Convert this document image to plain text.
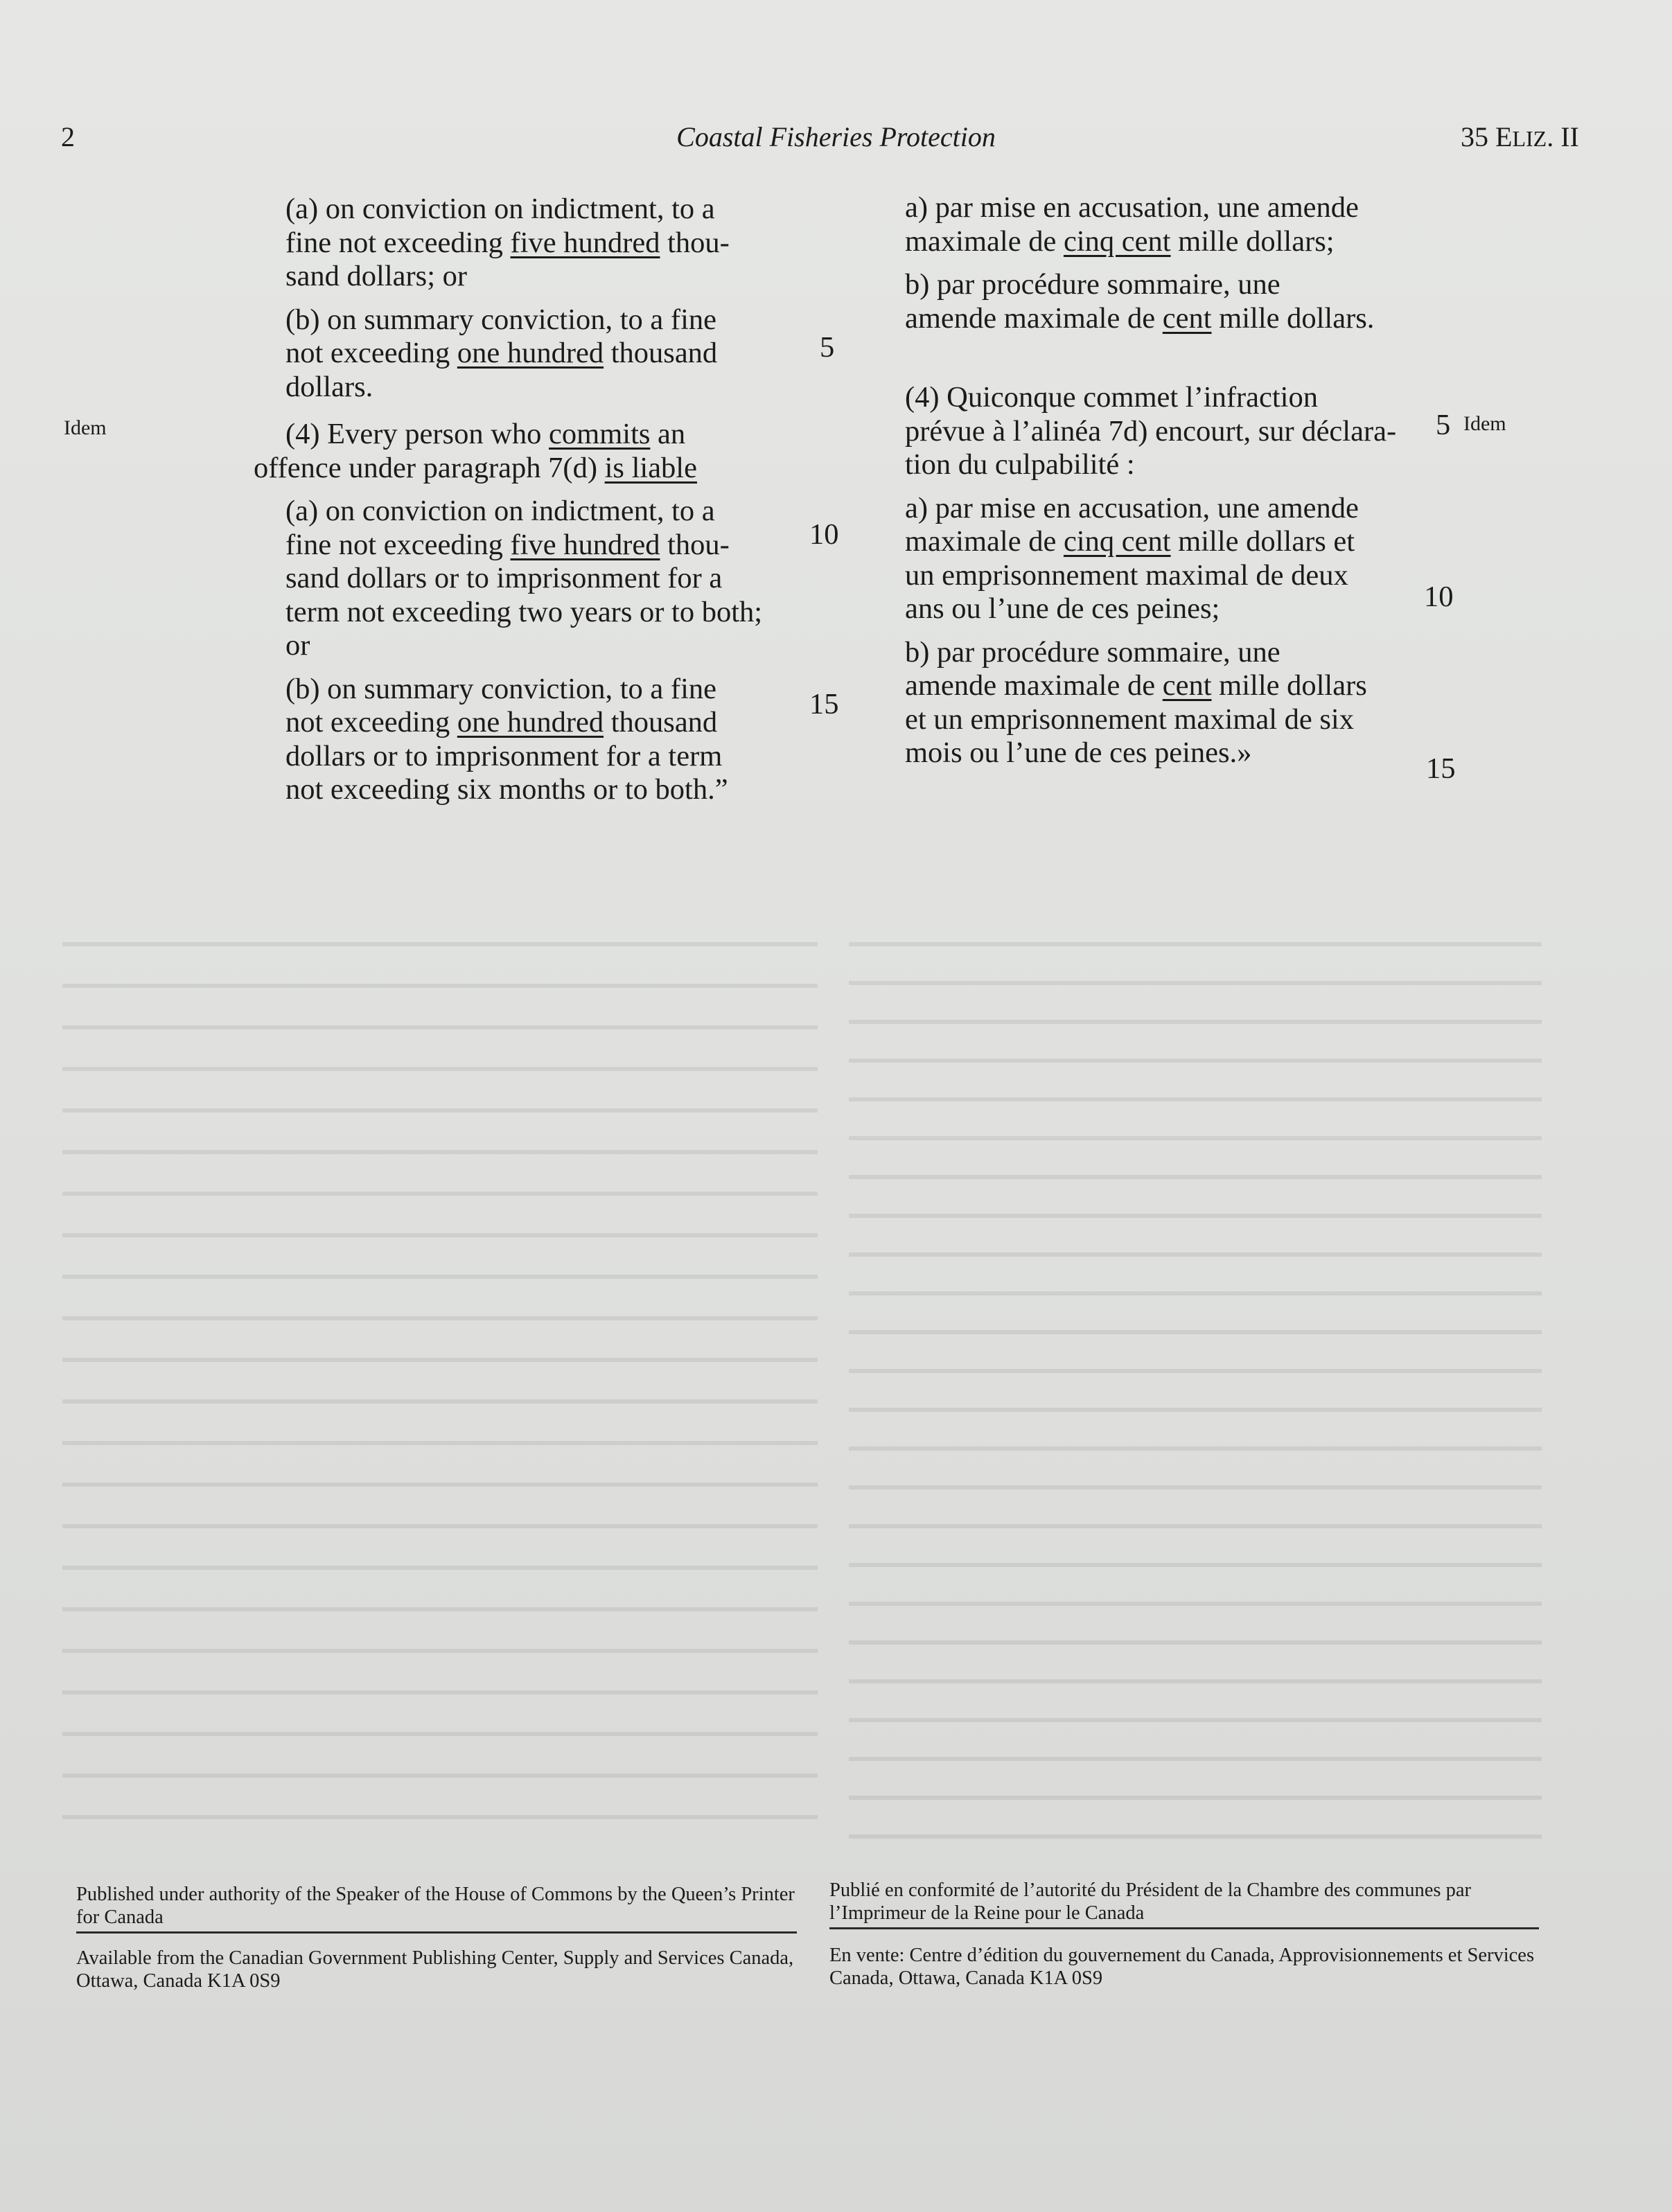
2	Coastal Fisheries Protection	35 ELIZ. II
Idem	Idem
(a) on conviction on indictment, to a
fine not exceeding five hundred thou-
sand dollars; or
(b) on summary conviction, to a fine
not exceeding one hundred thousand
dollars.
(4) Every person who commits an
offence under paragraph 7(d) is liable
(a) on conviction on indictment, to a
fine not exceeding five hundred thou-
sand dollars or to imprisonment for a
term not exceeding two years or to both;
or
(b) on summary conviction, to a fine
not exceeding one hundred thousand
dollars or to imprisonment for a term
not exceeding six months or to both.”
5
10
15
5
10
15
a) par mise en accusation, une amende
maximale de cinq cent mille dollars;
b) par procédure sommaire, une
amende maximale de cent mille dollars.
(4) Quiconque commet l’infraction
prévue à l’alinéa 7d) encourt, sur déclara-
tion du culpabilité :
a) par mise en accusation, une amende
maximale de cinq cent mille dollars et
un emprisonnement maximal de deux
ans ou l’une de ces peines;
b) par procédure sommaire, une
amende maximale de cent mille dollars
et un emprisonnement maximal de six
mois ou l’une de ces peines.»
Published under authority of the Speaker of the House of Commons by the Queen’s Printer for Canada
Available from the Canadian Government Publishing Center, Supply and Services Canada, Ottawa, Canada K1A 0S9
Publié en conformité de l’autorité du Président de la Chambre des communes par l’Imprimeur de la Reine pour le Canada
En vente: Centre d’édition du gouvernement du Canada, Approvisionnements et Services Canada, Ottawa, Canada K1A 0S9
